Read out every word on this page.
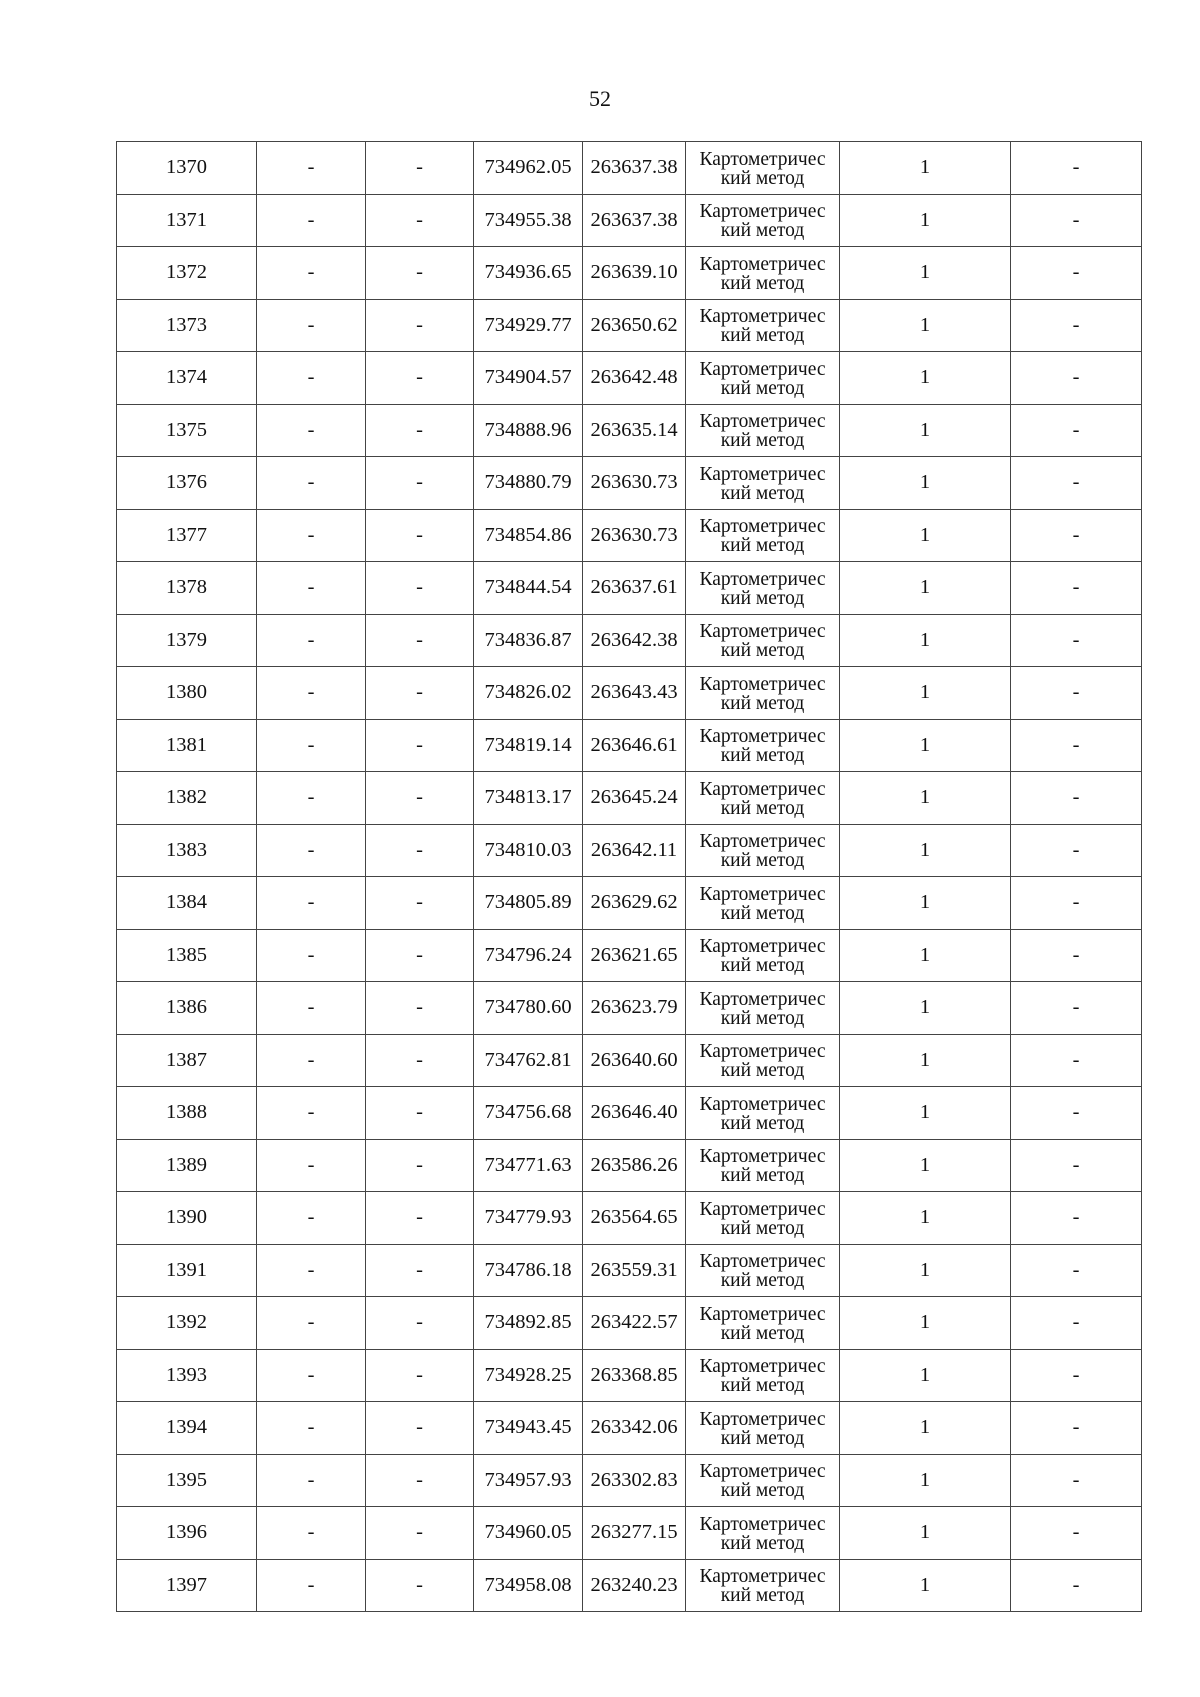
52
1370	-	-	734962.05	263637.38	Картометричес
кий метод	1	-
1371	-	-	734955.38	263637.38	Картометричес
кий метод	1	-
1372	-	-	734936.65	263639.10	Картометричес
кий метод	1	-
1373	-	-	734929.77	263650.62	Картометричес
кий метод	1	-
1374	-	-	734904.57	263642.48	Картометричес
кий метод	1	-
1375	-	-	734888.96	263635.14	Картометричес
кий метод	1	-
1376	-	-	734880.79	263630.73	Картометричес
кий метод	1	-
1377	-	-	734854.86	263630.73	Картометричес
кий метод	1	-
1378	-	-	734844.54	263637.61	Картометричес
кий метод	1	-
1379	-	-	734836.87	263642.38	Картометричес
кий метод	1	-
1380	-	-	734826.02	263643.43	Картометричес
кий метод	1	-
1381	-	-	734819.14	263646.61	Картометричес
кий метод	1	-
1382	-	-	734813.17	263645.24	Картометричес
кий метод	1	-
1383	-	-	734810.03	263642.11	Картометричес
кий метод	1	-
1384	-	-	734805.89	263629.62	Картометричес
кий метод	1	-
1385	-	-	734796.24	263621.65	Картометричес
кий метод	1	-
1386	-	-	734780.60	263623.79	Картометричес
кий метод	1	-
1387	-	-	734762.81	263640.60	Картометричес
кий метод	1	-
1388	-	-	734756.68	263646.40	Картометричес
кий метод	1	-
1389	-	-	734771.63	263586.26	Картометричес
кий метод	1	-
1390	-	-	734779.93	263564.65	Картометричес
кий метод	1	-
1391	-	-	734786.18	263559.31	Картометричес
кий метод	1	-
1392	-	-	734892.85	263422.57	Картометричес
кий метод	1	-
1393	-	-	734928.25	263368.85	Картометричес
кий метод	1	-
1394	-	-	734943.45	263342.06	Картометричес
кий метод	1	-
1395	-	-	734957.93	263302.83	Картометричес
кий метод	1	-
1396	-	-	734960.05	263277.15	Картометричес
кий метод	1	-
1397	-	-	734958.08	263240.23	Картометричес
кий метод	1	-
